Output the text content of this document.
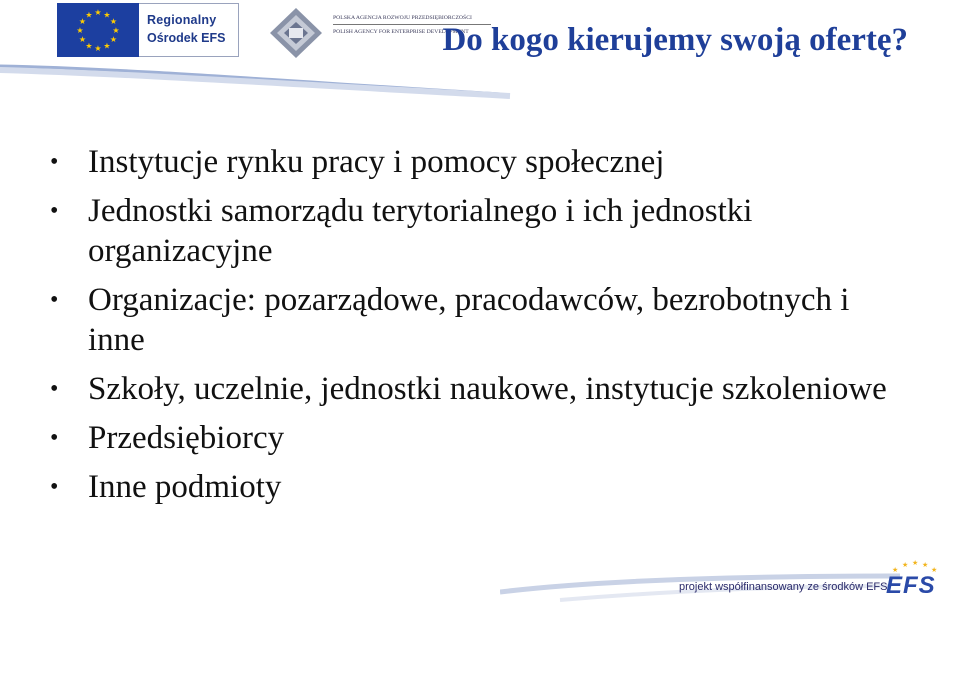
★ ★
★
★
★
★
★
★
★
★
★
★	Regionalny
Ośrodek EFS
POLSKA AGENCJA ROZWOJU PRZEDSIĘBIORCZOŚCI
POLISH AGENCY FOR ENTERPRISE DEVELOPMENT
Do kogo kierujemy swoją ofertę?
• Instytucje rynku pracy i pomocy społecznej
• Jednostki samorządu terytorialnego i ich jednostki organizacyjne
• Organizacje: pozarządowe, pracodawców, bezrobotnych i inne
• Szkoły, uczelnie, jednostki naukowe, instytucje szkoleniowe
• Przedsiębiorcy
• Inne podmioty
projekt współfinansowany ze środków EFS
★
★ ★ ★
★
EFS
